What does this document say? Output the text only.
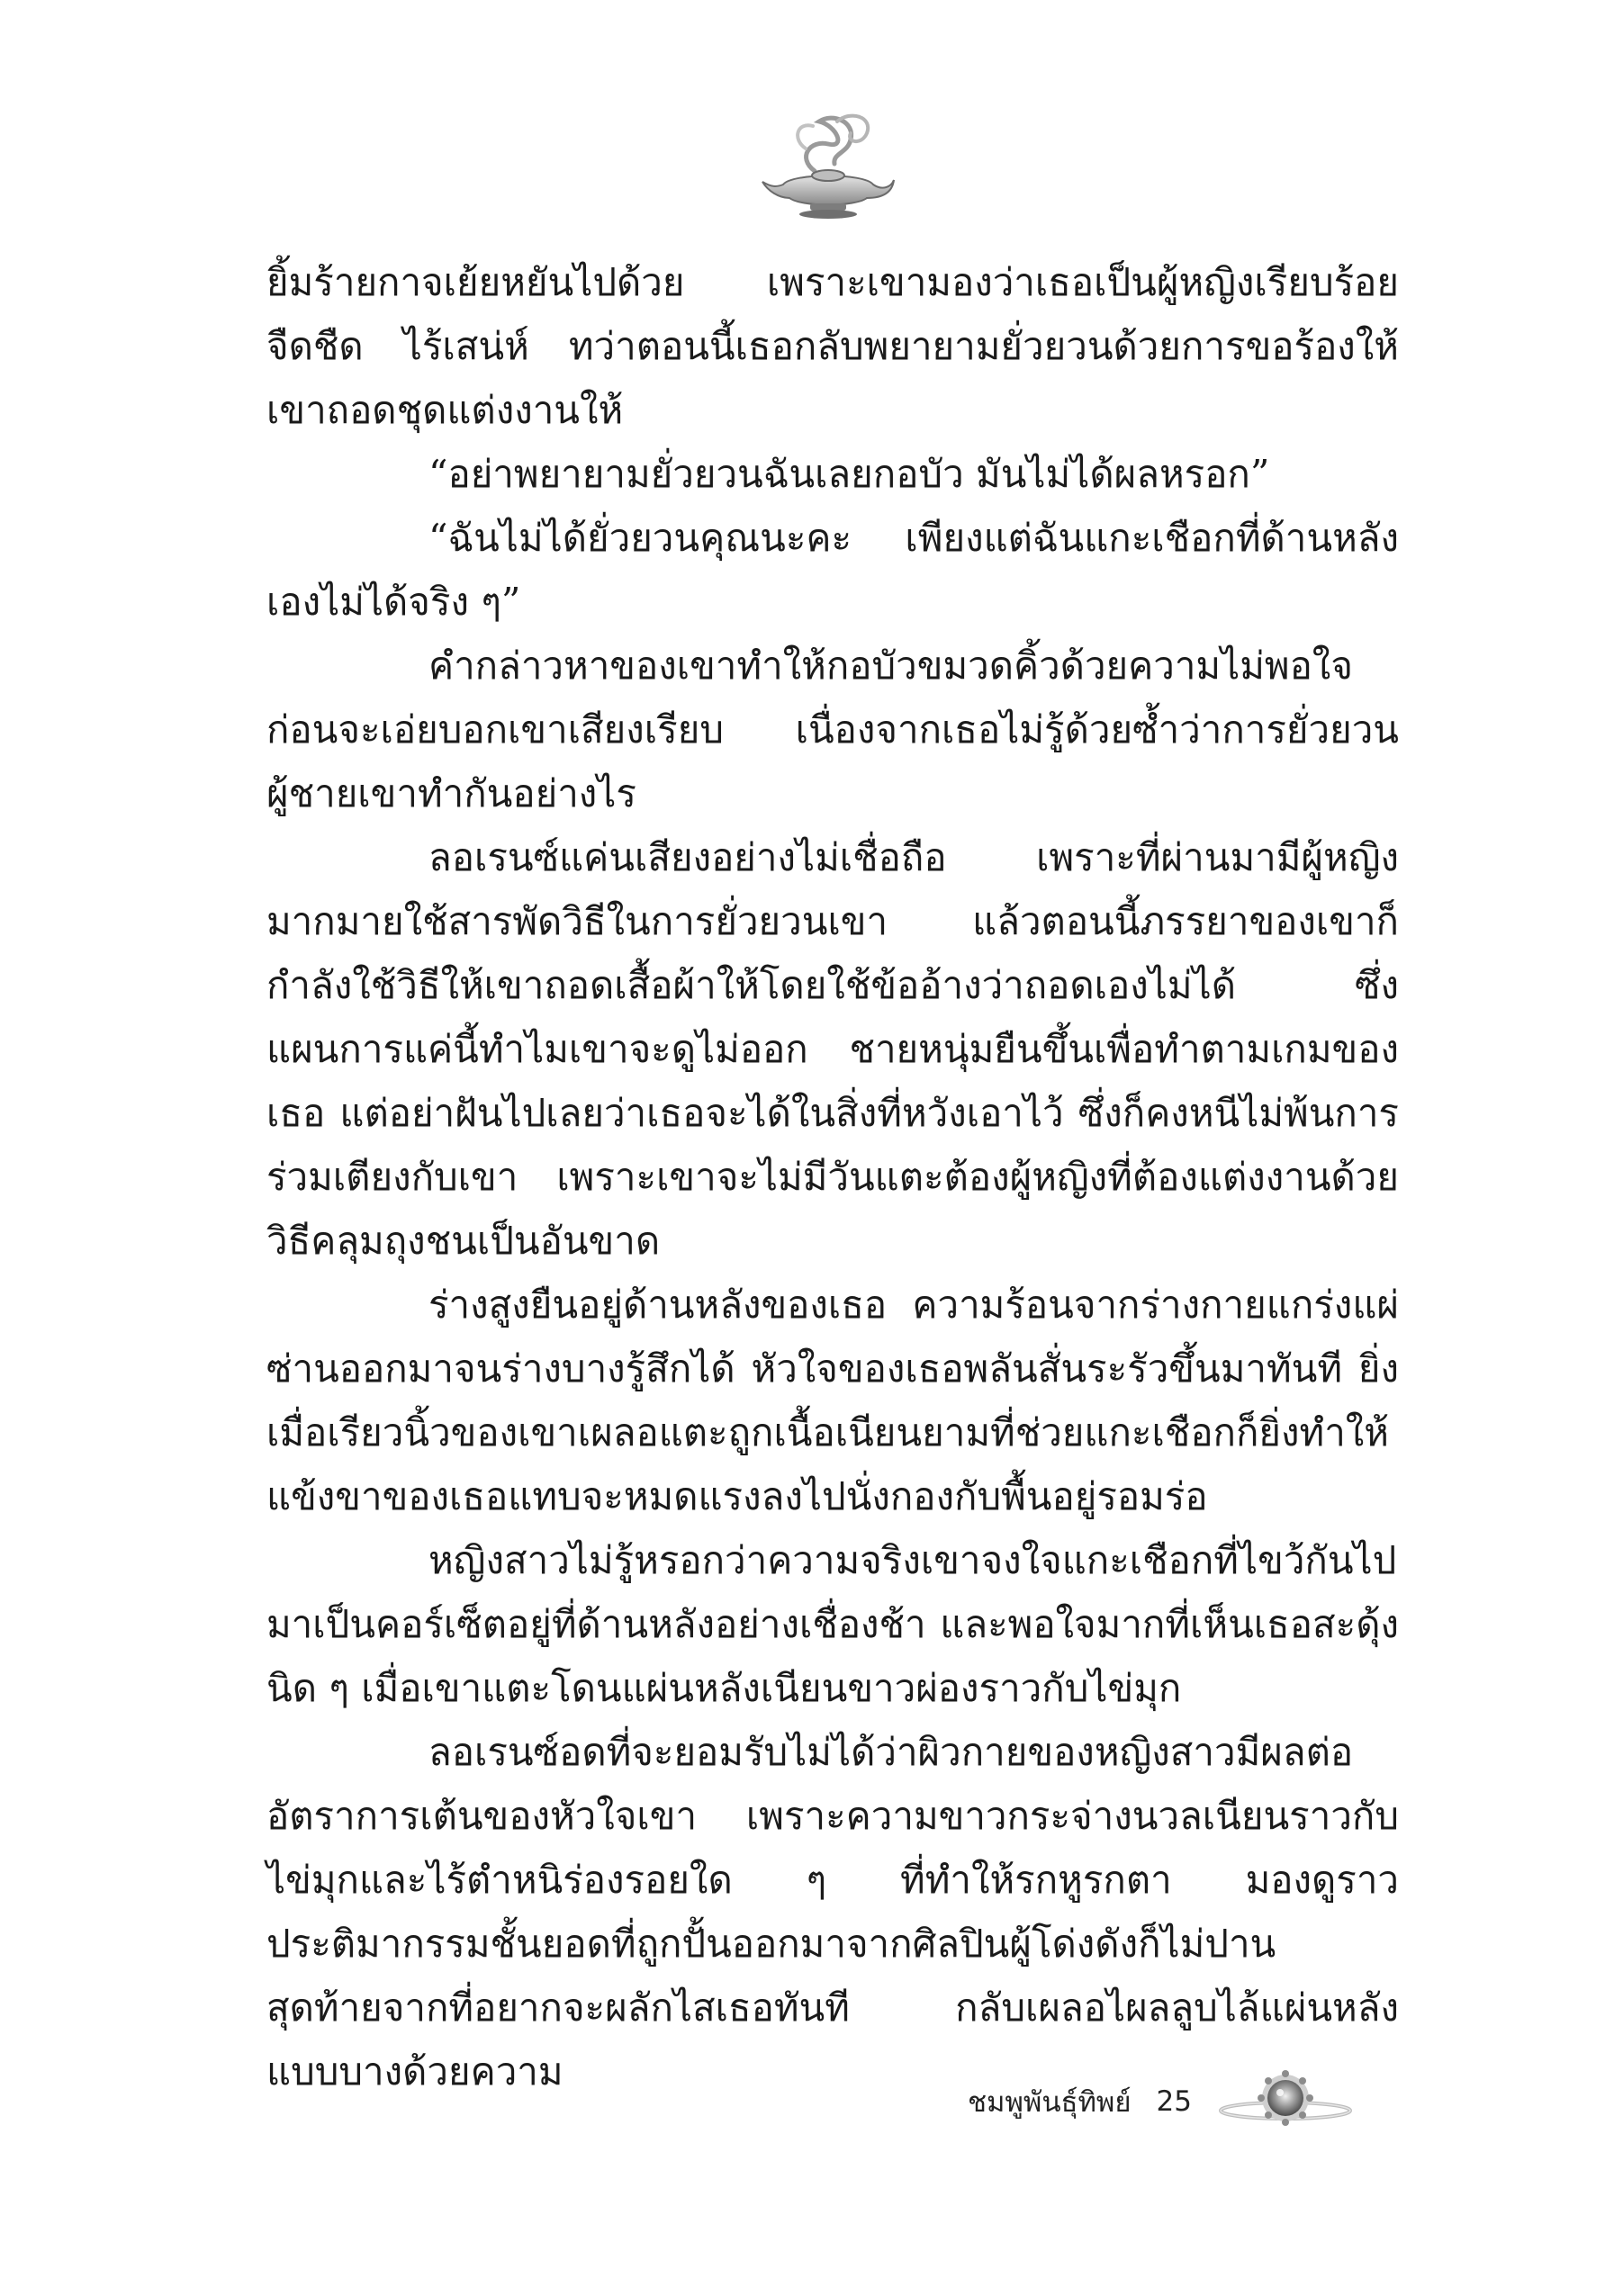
ยิ้มร้ายกาจเย้ยหยันไปด้วย เพราะเขามองว่าเธอเป็นผู้หญิงเรียบร้อย จืดชืด ไร้เสน่ห์ ทว่าตอนนี้เธอกลับพยายามยั่วยวนด้วยการขอร้องให้เขาถอดชุดแต่งงานให้

“อย่าพยายามยั่วยวนฉันเลยกอบัว มันไม่ได้ผลหรอก”

“ฉันไม่ได้ยั่วยวนคุณนะคะ เพียงแต่ฉันแกะเชือกที่ด้านหลังเองไม่ได้จริง ๆ”

คำกล่าวหาของเขาทำให้กอบัวขมวดคิ้วด้วยความไม่พอใจ ก่อนจะเอ่ยบอกเขาเสียงเรียบ เนื่องจากเธอไม่รู้ด้วยซ้ำว่าการยั่วยวนผู้ชายเขาทำกันอย่างไร

ลอเรนซ์แค่นเสียงอย่างไม่เชื่อถือ เพราะที่ผ่านมามีผู้หญิงมากมายใช้สารพัดวิธีในการยั่วยวนเขา แล้วตอนนี้ภรรยาของเขาก็กำลังใช้วิธีให้เขาถอดเสื้อผ้าให้โดยใช้ข้ออ้างว่าถอดเองไม่ได้ ซึ่งแผนการแค่นี้ทำไมเขาจะดูไม่ออก ชายหนุ่มยืนขึ้นเพื่อทำตามเกมของเธอ แต่อย่าฝันไปเลยว่าเธอจะได้ในสิ่งที่หวังเอาไว้ ซึ่งก็คงหนีไม่พ้นการร่วมเตียงกับเขา เพราะเขาจะไม่มีวันแตะต้องผู้หญิงที่ต้องแต่งงานด้วยวิธีคลุมถุงชนเป็นอันขาด

ร่างสูงยืนอยู่ด้านหลังของเธอ ความร้อนจากร่างกายแกร่งแผ่ซ่านออกมาจนร่างบางรู้สึกได้ หัวใจของเธอพลันสั่นระรัวขึ้นมาทันที ยิ่งเมื่อเรียวนิ้วของเขาเผลอแตะถูกเนื้อเนียนยามที่ช่วยแกะเชือกก็ยิ่งทำให้แข้งขาของเธอแทบจะหมดแรงลงไปนั่งกองกับพื้นอยู่รอมร่อ

หญิงสาวไม่รู้หรอกว่าความจริงเขาจงใจแกะเชือกที่ไขว้กันไปมาเป็นคอร์เซ็ตอยู่ที่ด้านหลังอย่างเชื่องช้า และพอใจมากที่เห็นเธอสะดุ้งนิด ๆ เมื่อเขาแตะโดนแผ่นหลังเนียนขาวผ่องราวกับไข่มุก

ลอเรนซ์อดที่จะยอมรับไม่ได้ว่าผิวกายของหญิงสาวมีผลต่ออัตราการเต้นของหัวใจเขา เพราะความขาวกระจ่างนวลเนียนราวกับไข่มุกและไร้ตำหนิร่องรอยใด ๆ ที่ทำให้รกหูรกตา มองดูราวประติมากรรมชั้นยอดที่ถูกปั้นออกมาจากศิลปินผู้โด่งดังก็ไม่ปาน สุดท้ายจากที่อยากจะผลักไสเธอทันที กลับเผลอไผลลูบไล้แผ่นหลังแบบบางด้วยความ

ชมพูพันธุ์ทิพย์ 25
